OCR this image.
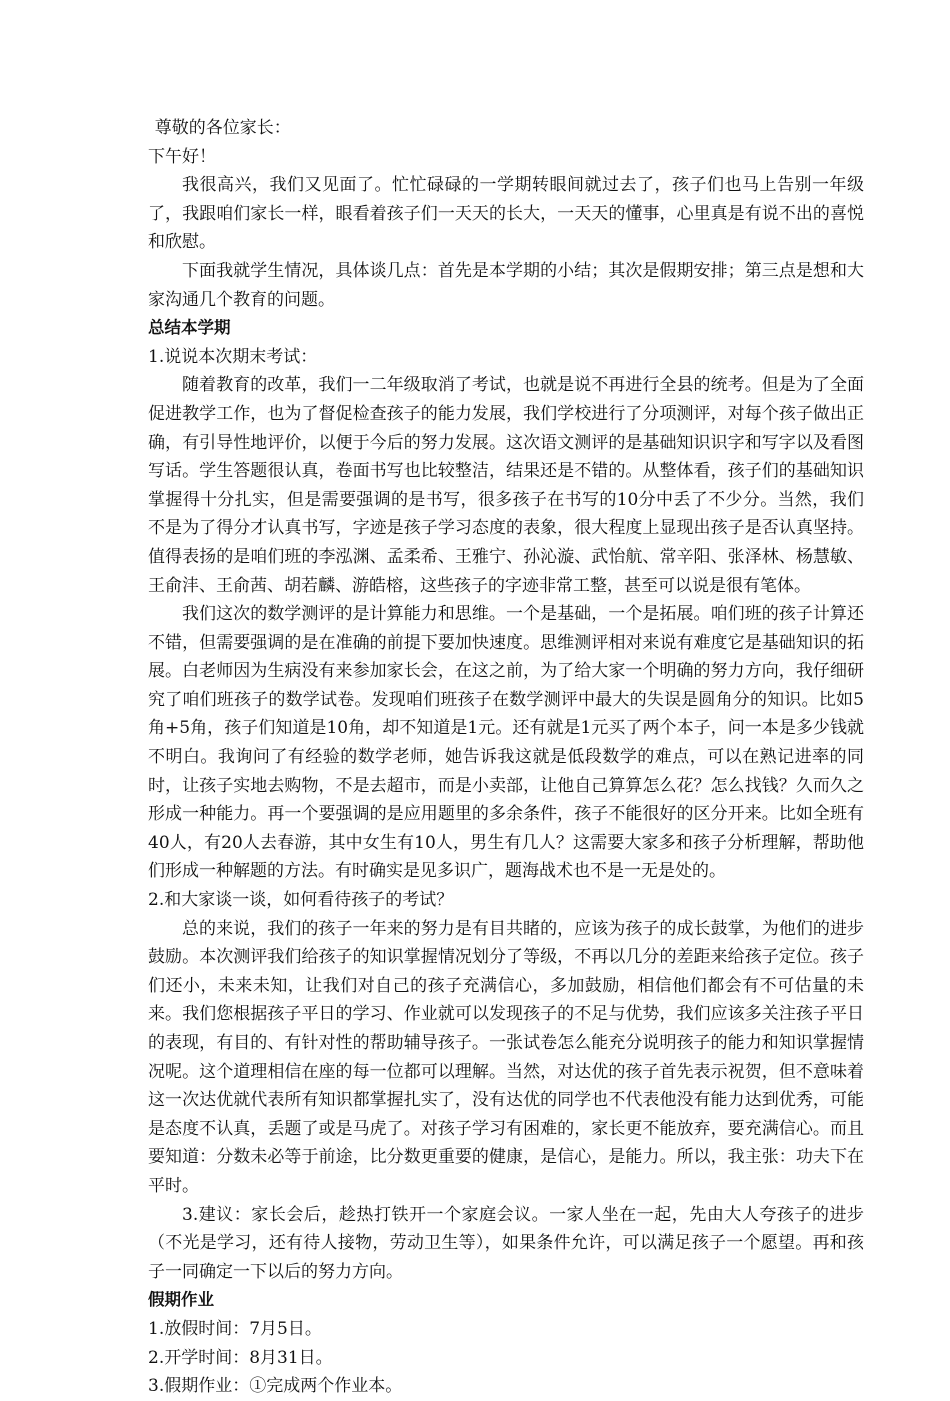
尊敬的各位家长：

下午好！

我很高兴，我们又见面了。忙忙碌碌的一学期转眼间就过去了，孩子们也马上告别一年级了，我跟咱们家长一样，眼看着孩子们一天天的长大，一天天的懂事，心里真是有说不出的喜悦和欣慰。

下面我就学生情况，具体谈几点：首先是本学期的小结；其次是假期安排；第三点是想和大家沟通几个教育的问题。

总结本学期

1.说说本次期末考试：

随着教育的改革，我们一二年级取消了考试，也就是说不再进行全县的统考。但是为了全面促进教学工作，也为了督促检查孩子的能力发展，我们学校进行了分项测评，对每个孩子做出正确，有引导性地评价，以便于今后的努力发展。这次语文测评的是基础知识识字和写字以及看图写话。学生答题很认真，卷面书写也比较整洁，结果还是不错的。从整体看，孩子们的基础知识掌握得十分扎实，但是需要强调的是书写，很多孩子在书写的10分中丢了不少分。当然，我们不是为了得分才认真书写，字迹是孩子学习态度的表象，很大程度上显现出孩子是否认真坚持。值得表扬的是咱们班的李泓渊、孟柔希、王雅宁、孙沁漩、武怡航、常辛阳、张泽林、杨慧敏、王俞沣、王俞茜、胡若麟、游皓榕，这些孩子的字迹非常工整，甚至可以说是很有笔体。

我们这次的数学测评的是计算能力和思维。一个是基础，一个是拓展。咱们班的孩子计算还不错，但需要强调的是在准确的前提下要加快速度。思维测评相对来说有难度它是基础知识的拓展。白老师因为生病没有来参加家长会，在这之前，为了给大家一个明确的努力方向，我仔细研究了咱们班孩子的数学试卷。发现咱们班孩子在数学测评中最大的失误是圆角分的知识。比如5角+5角，孩子们知道是10角，却不知道是1元。还有就是1元买了两个本子，问一本是多少钱就不明白。我询问了有经验的数学老师，她告诉我这就是低段数学的难点，可以在熟记进率的同时，让孩子实地去购物，不是去超市，而是小卖部，让他自己算算怎么花？怎么找钱？久而久之形成一种能力。再一个要强调的是应用题里的多余条件，孩子不能很好的区分开来。比如全班有40人，有20人去春游，其中女生有10人，男生有几人？这需要大家多和孩子分析理解，帮助他们形成一种解题的方法。有时确实是见多识广，题海战术也不是一无是处的。

2.和大家谈一谈，如何看待孩子的考试？

总的来说，我们的孩子一年来的努力是有目共睹的，应该为孩子的成长鼓掌，为他们的进步鼓励。本次测评我们给孩子的知识掌握情况划分了等级，不再以几分的差距来给孩子定位。孩子们还小，未来未知，让我们对自己的孩子充满信心，多加鼓励，相信他们都会有不可估量的未来。我们您根据孩子平日的学习、作业就可以发现孩子的不足与优势，我们应该多关注孩子平日的表现，有目的、有针对性的帮助辅导孩子。一张试卷怎么能充分说明孩子的能力和知识掌握情况呢。这个道理相信在座的每一位都可以理解。当然，对达优的孩子首先表示祝贺，但不意味着这一次达优就代表所有知识都掌握扎实了，没有达优的同学也不代表他没有能力达到优秀，可能是态度不认真，丢题了或是马虎了。对孩子学习有困难的，家长更不能放弃，要充满信心。而且要知道：分数未必等于前途，比分数更重要的健康，是信心，是能力。所以，我主张：功夫下在平时。

3.建议：家长会后，趁热打铁开一个家庭会议。一家人坐在一起，先由大人夸孩子的进步（不光是学习，还有待人接物，劳动卫生等），如果条件允许，可以满足孩子一个愿望。再和孩子一同确定一下以后的努力方向。

假期作业

1.放假时间：7月5日。

2.开学时间：8月31日。

3.假期作业：①完成两个作业本。
